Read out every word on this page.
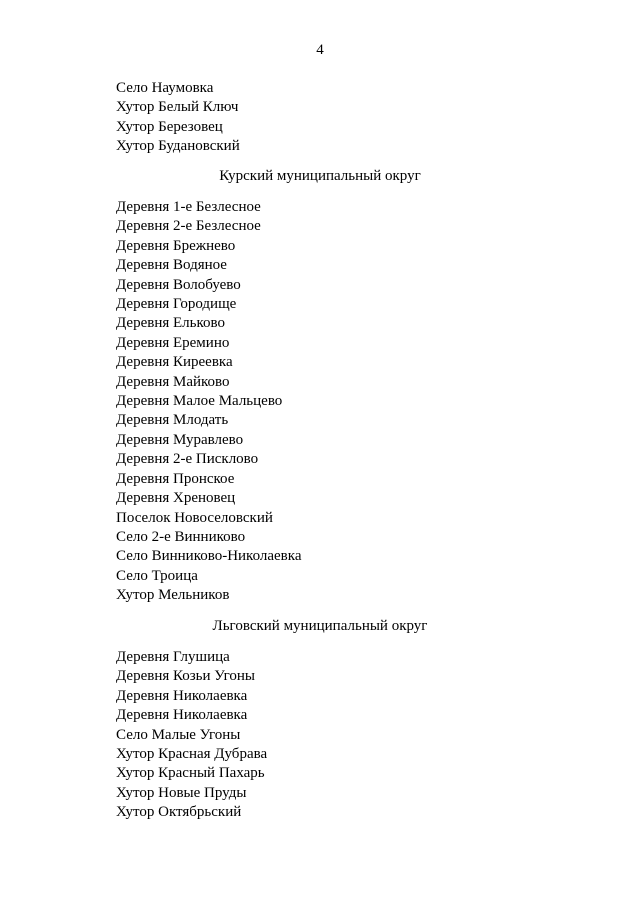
4
Село Наумовка
Хутор Белый Ключ
Хутор Березовец
Хутор Будановский
Курский муниципальный округ
Деревня 1-е Безлесное
Деревня 2-е Безлесное
Деревня Брежнево
Деревня Водяное
Деревня Волобуево
Деревня Городище
Деревня Ельково
Деревня Еремино
Деревня Киреевка
Деревня Майково
Деревня Малое Мальцево
Деревня Млодать
Деревня Муравлево
Деревня 2-е Писклово
Деревня Пронское
Деревня Хреновец
Поселок Новоселовский
Село 2-е Винниково
Село Винниково-Николаевка
Село Троица
Хутор Мельников
Льговский муниципальный округ
Деревня Глушица
Деревня Козьи Угоны
Деревня Николаевка
Деревня Николаевка
Село Малые Угоны
Хутор Красная Дубрава
Хутор Красный Пахарь
Хутор Новые Пруды
Хутор Октябрьский
